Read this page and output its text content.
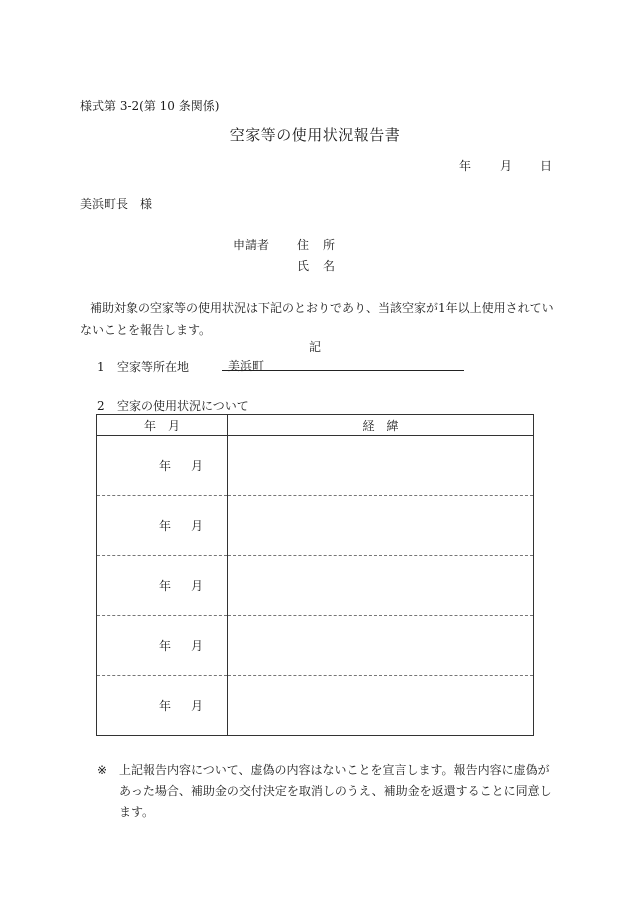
様式第 3-2(第 10 条関係)
空家等の使用状況報告書
年 月 日
美浜町長　様
申請者 住所
氏名
補助対象の空家等の使用状況は下記のとおりであり、当該空家が1年以上使用されていないことを報告します。
記
1 空家等所在地	美浜町
2 空家の使用状況について
年　月	経　緯
年 月	
年 月	
年 月	
年 月	
年 月	
※ 上記報告内容について、虚偽の内容はないことを宣言します。報告内容に虚偽があった場合、補助金の交付決定を取消しのうえ、補助金を返還することに同意します。
